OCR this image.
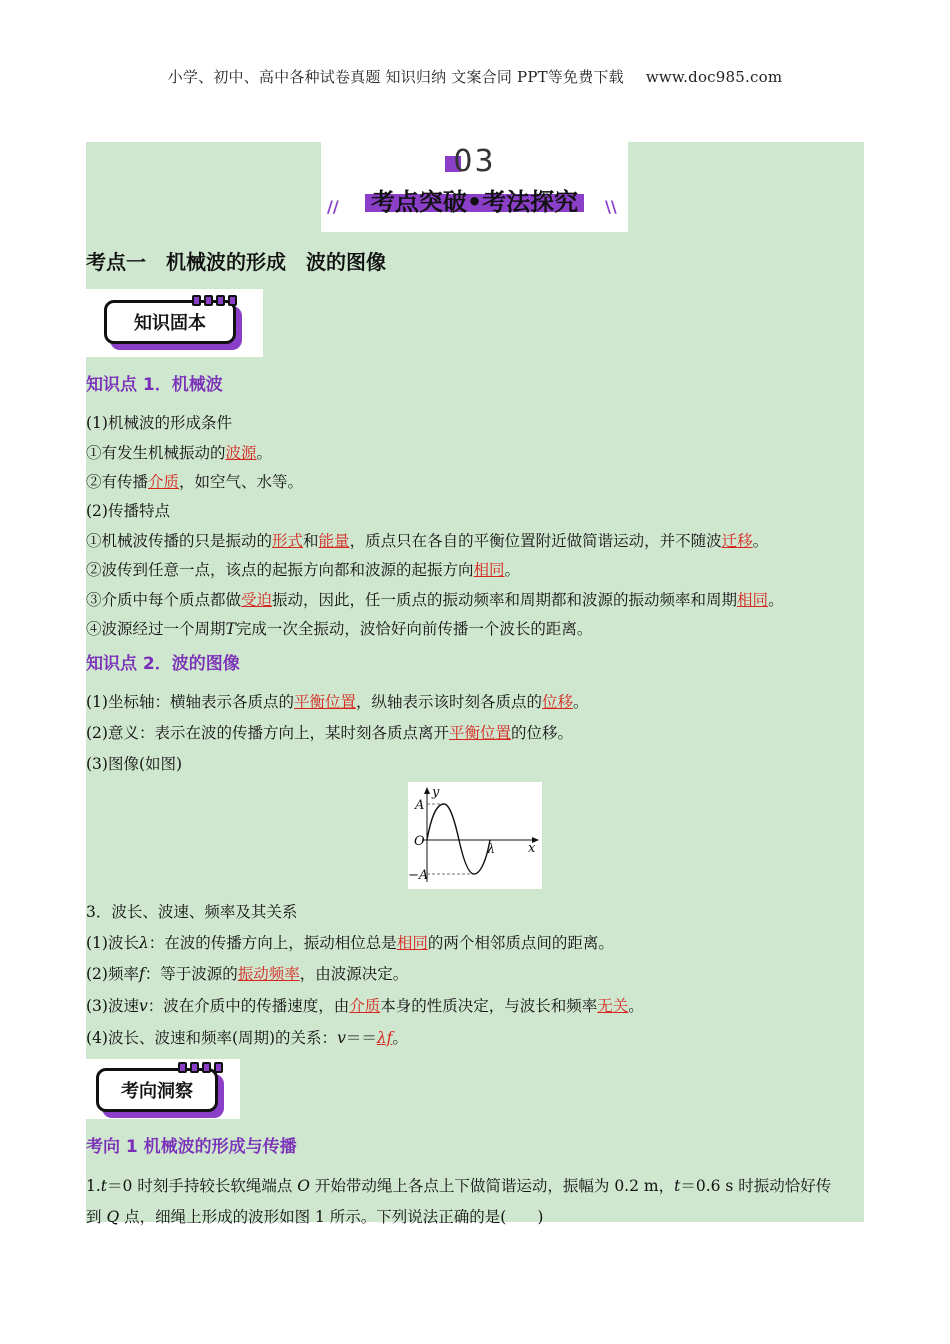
小学、初中、高中各种试卷真题 知识归纳 文案合同 PPT等免费下载 www.doc985.com
03
//	考点突破•考法探究	\\
考点一　机械波的形成　波的图像
知识固本
知识点 1．机械波
(1)机械波的形成条件
①有发生机械振动的波源。
②有传播介质，如空气、水等。
(2)传播特点
①机械波传播的只是振动的形式和能量，质点只在各自的平衡位置附近做简谐运动，并不随波迁移。
②波传到任意一点，该点的起振方向都和波源的起振方向相同。
③介质中每个质点都做受迫振动，因此，任一质点的振动频率和周期都和波源的振动频率和周期相同。
④波源经过一个周期T完成一次全振动，波恰好向前传播一个波长的距离。
知识点 2．波的图像
(1)坐标轴：横轴表示各质点的平衡位置，纵轴表示该时刻各质点的位移。
(2)意义：表示在波的传播方向上，某时刻各质点离开平衡位置的位移。
(3)图像(如图)
y
x
A
−A
O
λ
3．波长、波速、频率及其关系
(1)波长λ：在波的传播方向上，振动相位总是相同的两个相邻质点间的距离。
(2)频率f：等于波源的振动频率，由波源决定。
(3)波速v：波在介质中的传播速度，由介质本身的性质决定，与波长和频率无关。
(4)波长、波速和频率(周期)的关系：v＝＝λf。
考向洞察
考向 1 机械波的形成与传播
1.t＝0 时刻手持较长软绳端点 O 开始带动绳上各点上下做简谐运动，振幅为 0.2 m，t＝0.6 s 时振动恰好传
到 Q 点，细绳上形成的波形如图 1 所示。下列说法正确的是(　　)
